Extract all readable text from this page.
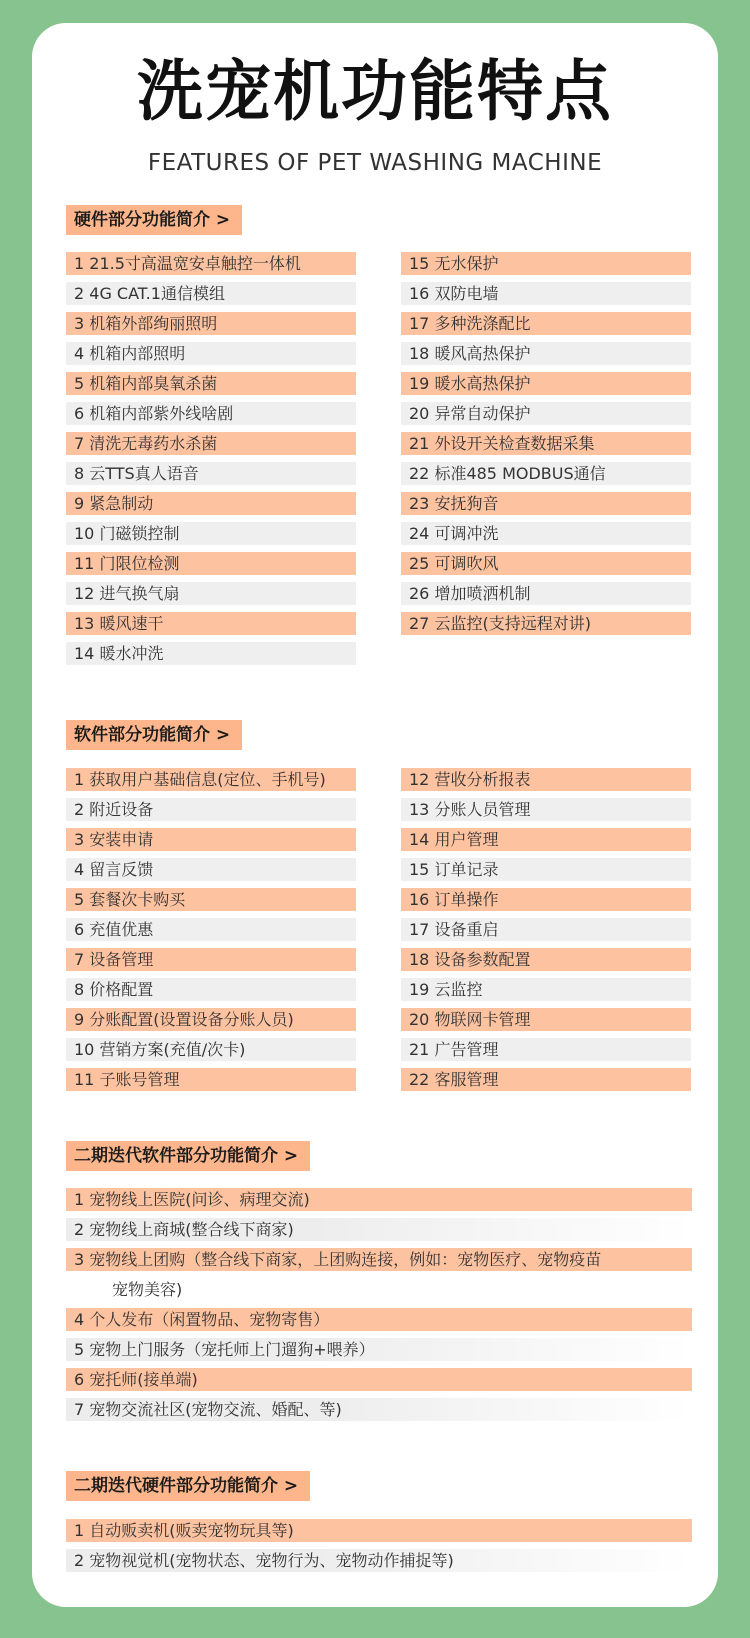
洗宠机功能特点
FEATURES OF PET WASHING MACHINE
硬件部分功能简介 >
1 21.5寸高温宽安卓触控一体机
2 4G CAT.1通信模组
3 机箱外部绚丽照明
4 机箱内部照明
5 机箱内部臭氧杀菌
6 机箱内部紫外线啥剧
7 清洗无毒药水杀菌
8 云TTS真人语音
9 紧急制动
10 门磁锁控制
11 门限位检测
12 进气换气扇
13 暖风速干
14 暖水冲洗
15 无水保护
16 双防电墙
17 多种洗涤配比
18 暖风高热保护
19 暖水高热保护
20 异常自动保护
21 外设开关检查数据采集
22 标准485 MODBUS通信
23 安抚狗音
24 可调冲洗
25 可调吹风
26 增加喷洒机制
27 云监控(支持远程对讲)
软件部分功能简介 >
1 获取用户基础信息(定位、手机号)
2 附近设备
3 安装申请
4 留言反馈
5 套餐次卡购买
6 充值优惠
7 设备管理
8 价格配置
9 分账配置(设置设备分账人员)
10 营销方案(充值/次卡)
11 子账号管理
12 营收分析报表
13 分账人员管理
14 用户管理
15 订单记录
16 订单操作
17 设备重启
18 设备参数配置
19 云监控
20 物联网卡管理
21 广告管理
22 客服管理
二期迭代软件部分功能简介 >
1 宠物线上医院(问诊、病理交流)
2 宠物线上商城(整合线下商家)
3 宠物线上团购（整合线下商家，上团购连接，例如：宠物医疗、宠物疫苗
宠物美容)
4 个人发布（闲置物品、宠物寄售）
5 宠物上门服务（宠托师上门遛狗+喂养）
6 宠托师(接单端)
7 宠物交流社区(宠物交流、婚配、等)
二期迭代硬件部分功能简介 >
1 自动贩卖机(贩卖宠物玩具等)
2 宠物视觉机(宠物状态、宠物行为、宠物动作捕捉等)
